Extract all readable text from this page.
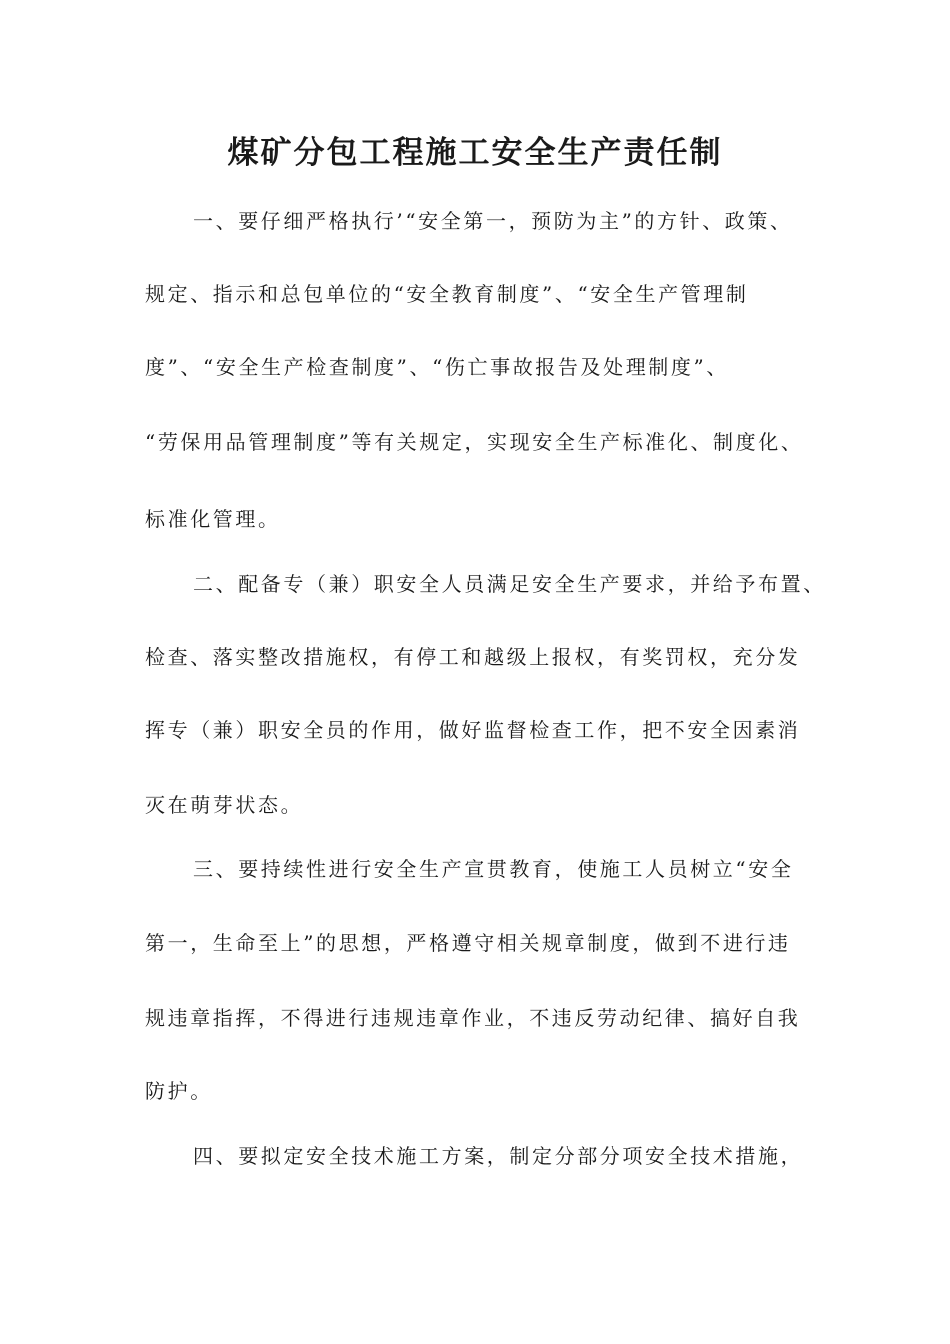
煤矿分包工程施工安全生产责任制
一、要仔细严格执行’“安全第一，预防为主”的方针、政策、
规定、指示和总包单位的“安全教育制度”、“安全生产管理制
度”、“安全生产检查制度”、“伤亡事故报告及处理制度”、
“劳保用品管理制度”等有关规定，实现安全生产标准化、制度化、
标准化管理。
二、配备专（兼）职安全人员满足安全生产要求，并给予布置、
检查、落实整改措施权，有停工和越级上报权，有奖罚权，充分发
挥专（兼）职安全员的作用，做好监督检查工作，把不安全因素消
灭在萌芽状态。
三、要持续性进行安全生产宣贯教育，使施工人员树立“安全
第一，生命至上”的思想，严格遵守相关规章制度，做到不进行违
规违章指挥，不得进行违规违章作业，不违反劳动纪律、搞好自我
防护。
四、要拟定安全技术施工方案，制定分部分项安全技术措施，
